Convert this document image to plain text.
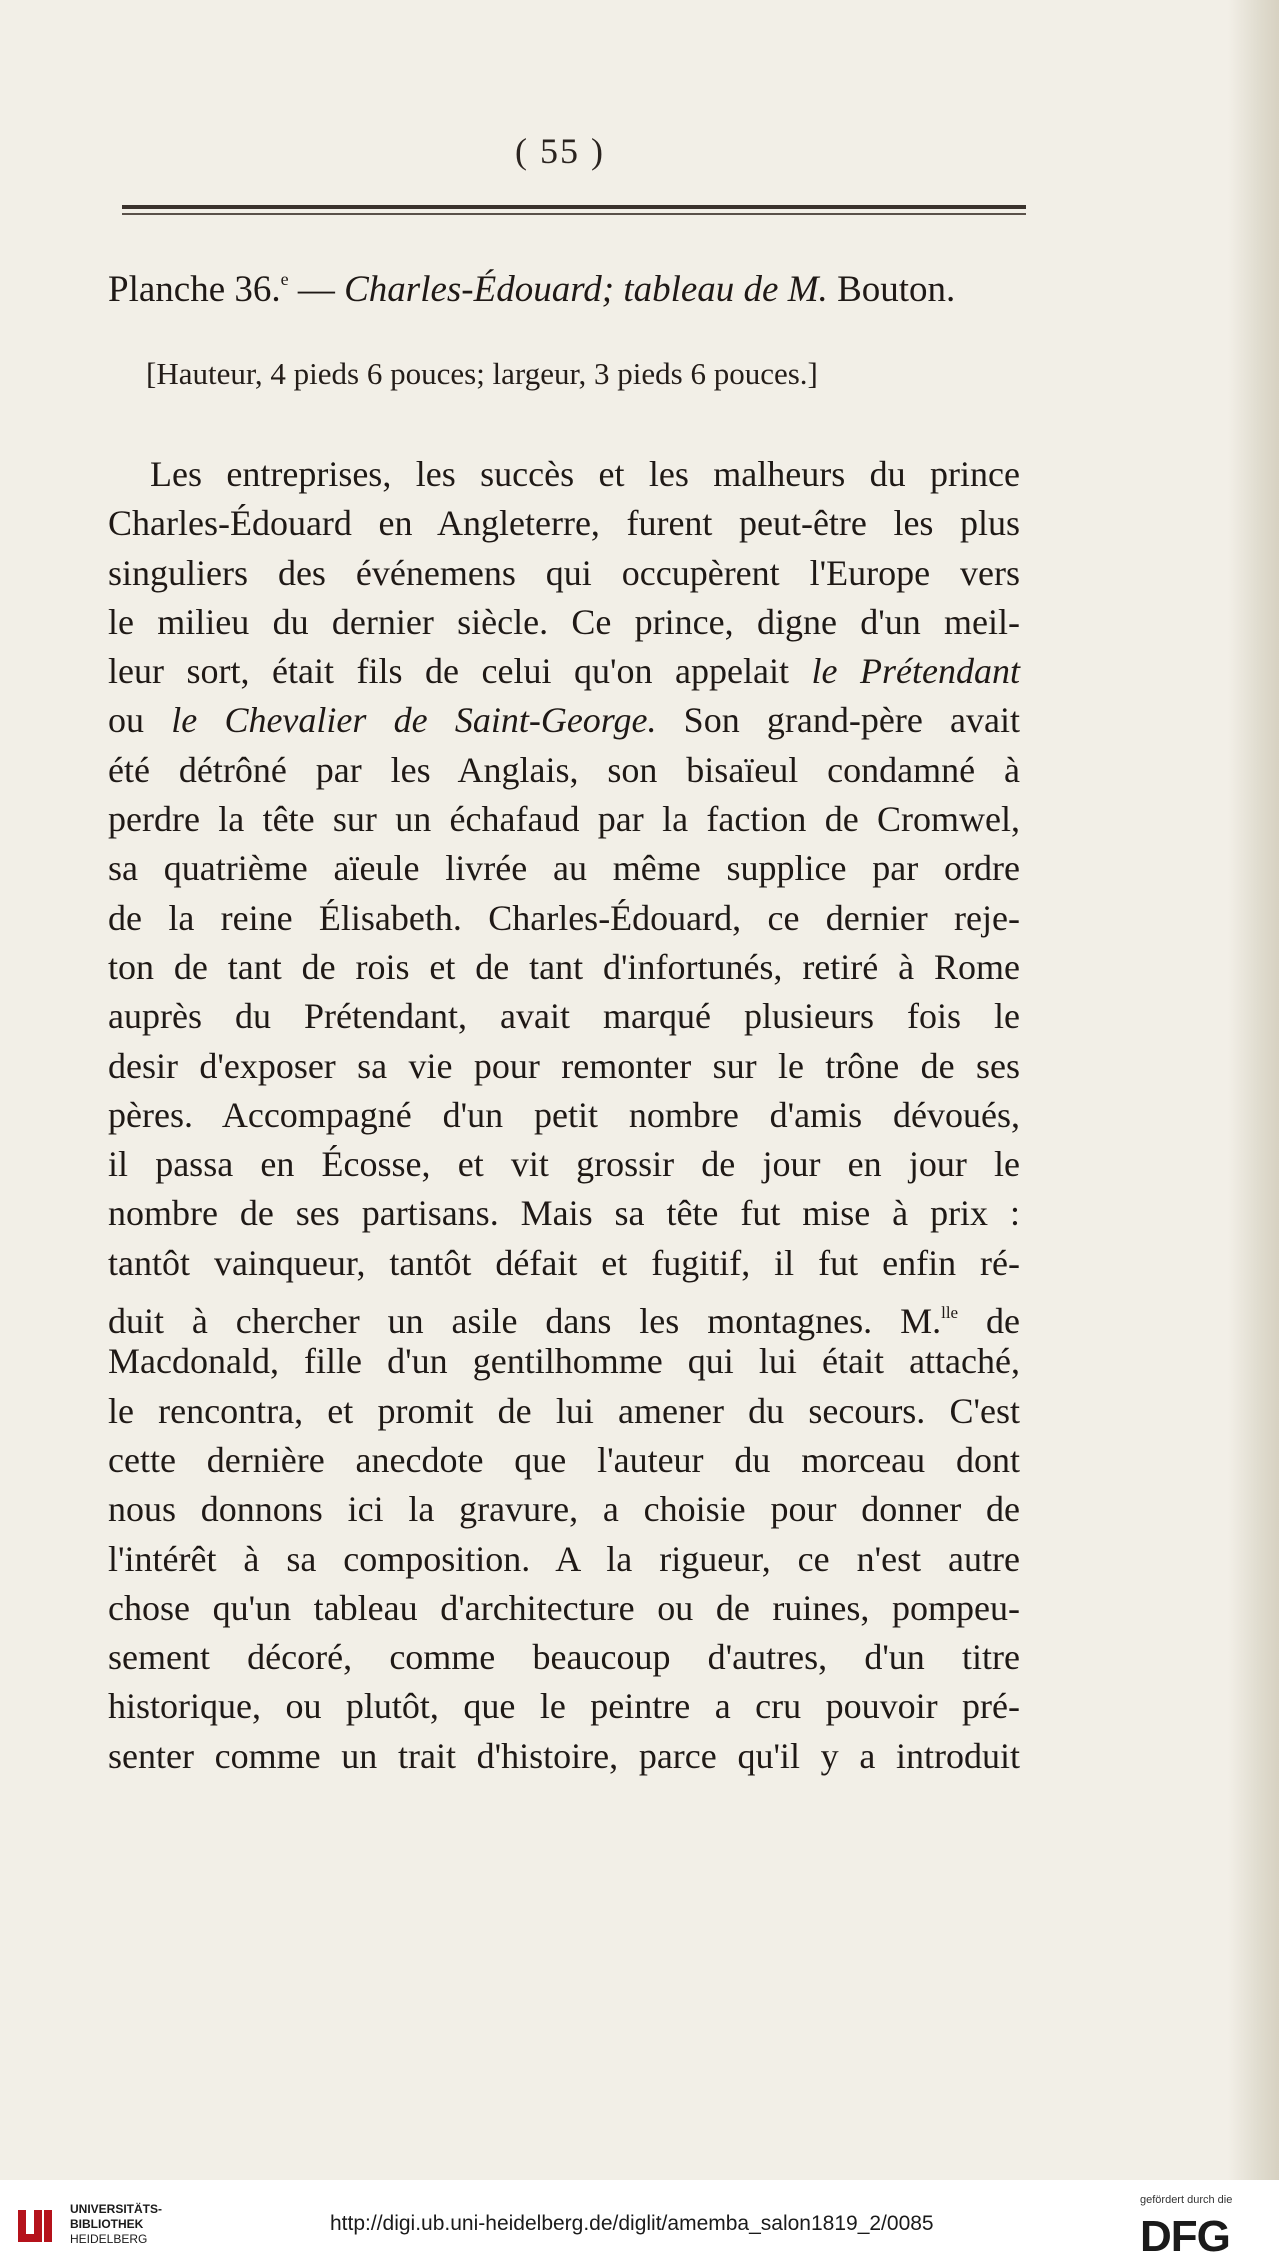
( 55 )
Planche 36.$^e$ — Charles-Édouard; tableau de M. Bouton.
[Hauteur, 4 pieds 6 pouces; largeur, 3 pieds 6 pouces.]
Les entreprises, les succès et les malheurs du prince
Charles-Édouard en Angleterre, furent peut-être les plus
singuliers des événemens qui occupèrent l'Europe vers
le milieu du dernier siècle. Ce prince, digne d'un meil-
leur sort, était fils de celui qu'on appelait le Prétendant
ou le Chevalier de Saint-George. Son grand-père avait
été détrôné par les Anglais, son bisaïeul condamné à
perdre la tête sur un échafaud par la faction de Cromwel,
sa quatrième aïeule livrée au même supplice par ordre
de la reine Élisabeth. Charles-Édouard, ce dernier reje-
ton de tant de rois et de tant d'infortunés, retiré à Rome
auprès du Prétendant, avait marqué plusieurs fois le
desir d'exposer sa vie pour remonter sur le trône de ses
pères. Accompagné d'un petit nombre d'amis dévoués,
il passa en Écosse, et vit grossir de jour en jour le
nombre de ses partisans. Mais sa tête fut mise à prix :
tantôt vainqueur, tantôt défait et fugitif, il fut enfin ré-
duit à chercher un asile dans les montagnes. M.$^{lle}$ de
Macdonald, fille d'un gentilhomme qui lui était attaché,
le rencontra, et promit de lui amener du secours. C'est
cette dernière anecdote que l'auteur du morceau dont
nous donnons ici la gravure, a choisie pour donner de
l'intérêt à sa composition. A la rigueur, ce n'est autre
chose qu'un tableau d'architecture ou de ruines, pompeu-
sement décoré, comme beaucoup d'autres, d'un titre
historique, ou plutôt, que le peintre a cru pouvoir pré-
senter comme un trait d'histoire, parce qu'il y a introduit
UNIVERSITÄTS-
BIBLIOTHEK
HEIDELBERG
http://digi.ub.uni-heidelberg.de/diglit/amemba_salon1819_2/0085
gefördert durch die
DFG
